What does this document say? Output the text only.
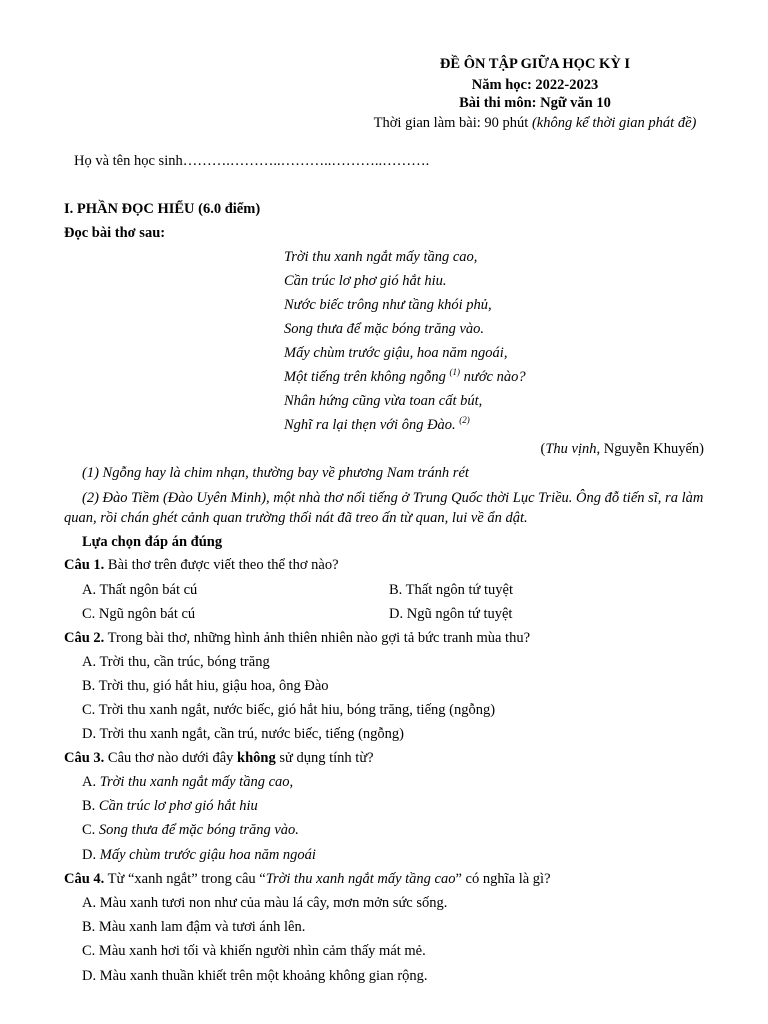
ĐỀ ÔN TẬP GIỮA HỌC KỲ I
Năm học: 2022-2023
Bài thi môn: Ngữ văn 10
Thời gian làm bài: 90 phút (không kể thời gian phát đề)
Họ và tên học sinh……….………..………..………..……….
I. PHẦN ĐỌC HIỂU (6.0 điểm)
Đọc bài thơ sau:
Trời thu xanh ngắt mấy tầng cao,
Cần trúc lơ phơ gió hắt hiu.
Nước biếc trông như tầng khói phủ,
Song thưa để mặc bóng trăng vào.
Mấy chùm trước giậu, hoa năm ngoái,
Một tiếng trên không ngỗng $^{(1)}$ nước nào?
Nhân hứng cũng vừa toan cất bút,
Nghĩ ra lại thẹn với ông Đào. $^{(2)}$
(Thu vịnh, Nguyễn Khuyến)
(1) Ngỗng hay là chim nhạn, thường bay về phương Nam tránh rét
(2) Đào Tiềm (Đào Uyên Minh), một nhà thơ nổi tiếng ở Trung Quốc thời Lục Triều. Ông đỗ tiến sĩ, ra làm quan, rồi chán ghét cảnh quan trường thối nát đã treo ấn từ quan, lui về ẩn dật.
Lựa chọn đáp án đúng
Câu 1. Bài thơ trên được viết theo thể thơ nào?
A. Thất ngôn bát cú	B. Thất ngôn tứ tuyệt
C. Ngũ ngôn bát cú	D. Ngũ ngôn tứ tuyệt
Câu 2. Trong bài thơ, những hình ảnh thiên nhiên nào gợi tả bức tranh mùa thu?
A. Trời thu, cần trúc, bóng trăng
B. Trời thu, gió hắt hiu, giậu hoa, ông Đào
C. Trời thu xanh ngắt, nước biếc, gió hắt hiu, bóng trăng, tiếng (ngỗng)
D. Trời thu xanh ngắt, cần trú, nước biếc, tiếng (ngỗng)
Câu 3. Câu thơ nào dưới đây không sử dụng tính từ?
A. Trời thu xanh ngắt mấy tầng cao,
B. Cần trúc lơ phơ gió hắt hiu
C. Song thưa để mặc bóng trăng vào.
D. Mấy chùm trước giậu hoa năm ngoái
Câu 4. Từ “xanh ngắt” trong câu “Trời thu xanh ngắt mấy tầng cao” có nghĩa là gì?
A. Màu xanh tươi non như của màu lá cây, mơn mởn sức sống.
B. Màu xanh lam đậm và tươi ánh lên.
C. Màu xanh hơi tối và khiến người nhìn cảm thấy mát mẻ.
D. Màu xanh thuần khiết trên một khoảng không gian rộng.
